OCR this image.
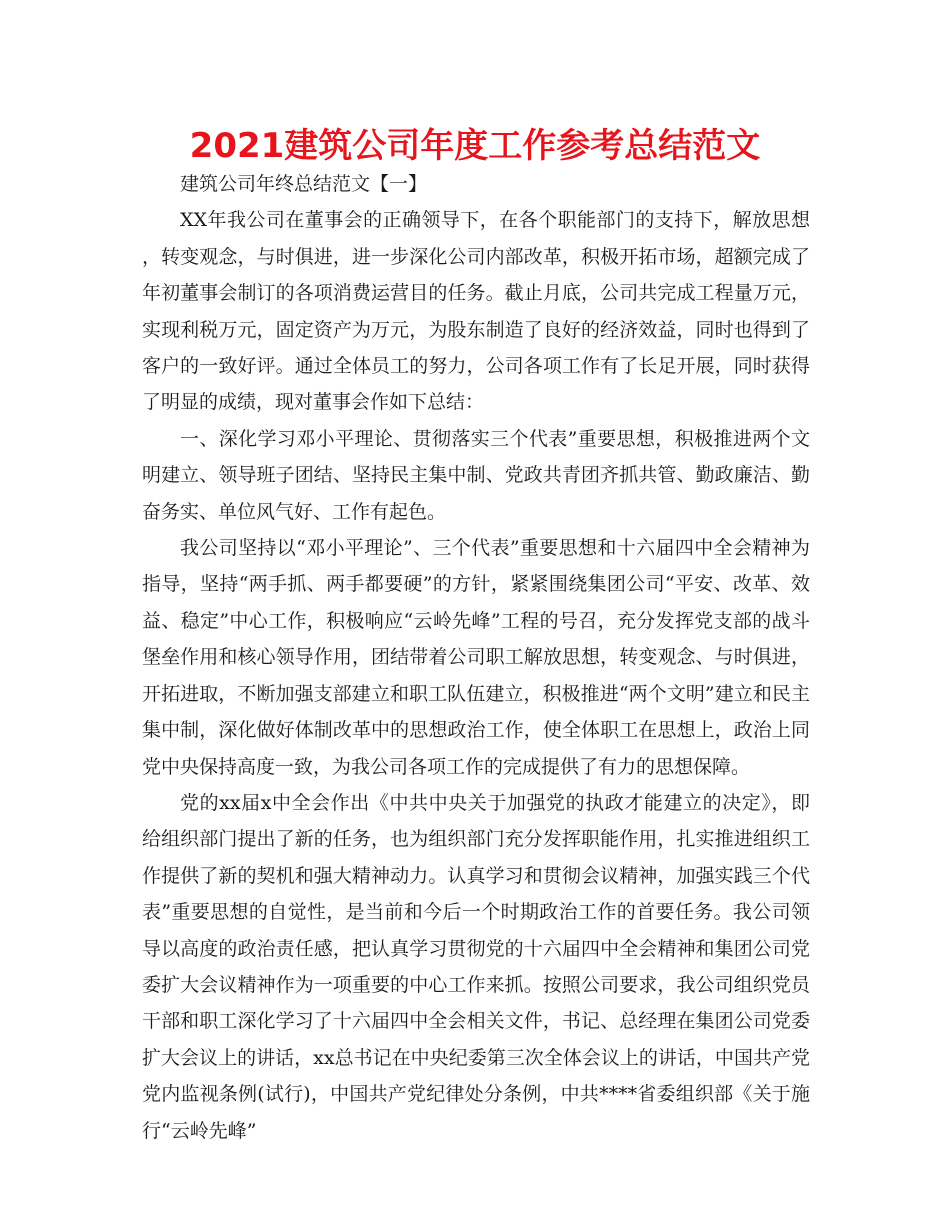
2021建筑公司年度工作参考总结范文

建筑公司年终总结范文【一】

XX年我公司在董事会的正确领导下，在各个职能部门的支持下，解放思想，转变观念，与时俱进，进一步深化公司内部改革，积极开拓市场，超额完成了年初董事会制订的各项消费运营目的任务。截止月底，公司共完成工程量万元，实现利税万元，固定资产为万元，为股东制造了良好的经济效益，同时也得到了客户的一致好评。通过全体员工的努力，公司各项工作有了长足开展，同时获得了明显的成绩，现对董事会作如下总结：

一、深化学习邓小平理论、贯彻落实三个代表”重要思想，积极推进两个文明建立、领导班子团结、坚持民主集中制、党政共青团齐抓共管、勤政廉洁、勤奋务实、单位风气好、工作有起色。

我公司坚持以“邓小平理论”、三个代表”重要思想和十六届四中全会精神为指导，坚持“两手抓、两手都要硬”的方针，紧紧围绕集团公司“平安、改革、效益、稳定”中心工作，积极响应“云岭先峰”工程的号召，充分发挥党支部的战斗堡垒作用和核心领导作用，团结带着公司职工解放思想，转变观念、与时俱进，开拓进取，不断加强支部建立和职工队伍建立，积极推进“两个文明”建立和民主集中制，深化做好体制改革中的思想政治工作，使全体职工在思想上，政治上同党中央保持高度一致，为我公司各项工作的完成提供了有力的思想保障。

党的xx届x中全会作出《中共中央关于加强党的执政才能建立的决定》，即给组织部门提出了新的任务，也为组织部门充分发挥职能作用，扎实推进组织工作提供了新的契机和强大精神动力。认真学习和贯彻会议精神，加强实践三个代表”重要思想的自觉性，是当前和今后一个时期政治工作的首要任务。我公司领导以高度的政治责任感，把认真学习贯彻党的十六届四中全会精神和集团公司党委扩大会议精神作为一项重要的中心工作来抓。按照公司要求，我公司组织党员干部和职工深化学习了十六届四中全会相关文件，书记、总经理在集团公司党委扩大会议上的讲话，xx总书记在中央纪委第三次全体会议上的讲话，中国共产党党内监视条例(试行)，中国共产党纪律处分条例，中共****省委组织部《关于施行“云岭先峰”
